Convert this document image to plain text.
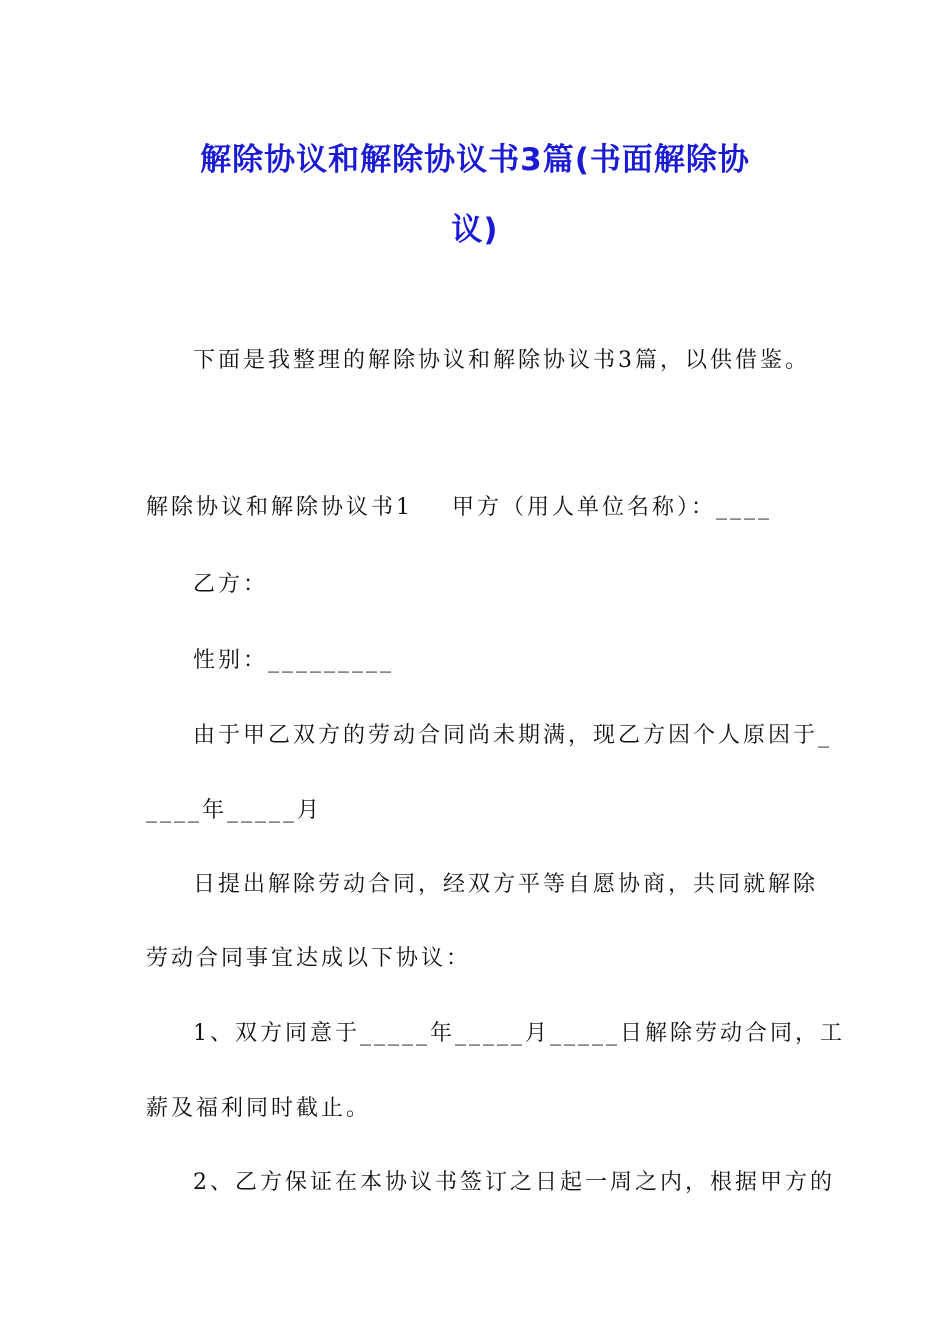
解除协议和解除协议书3篇(书面解除协
议)
下面是我整理的解除协议和解除协议书3篇，以供借鉴。
解除协议和解除协议书1 甲方（用人单位名称）：____
乙方：
性别：_________
由于甲乙双方的劳动合同尚未期满，现乙方因个人原因于_
____年_____月
日提出解除劳动合同，经双方平等自愿协商，共同就解除
劳动合同事宜达成以下协议：
1、双方同意于_____年_____月_____日解除劳动合同，工
薪及福利同时截止。
2、乙方保证在本协议书签订之日起一周之内，根据甲方的
